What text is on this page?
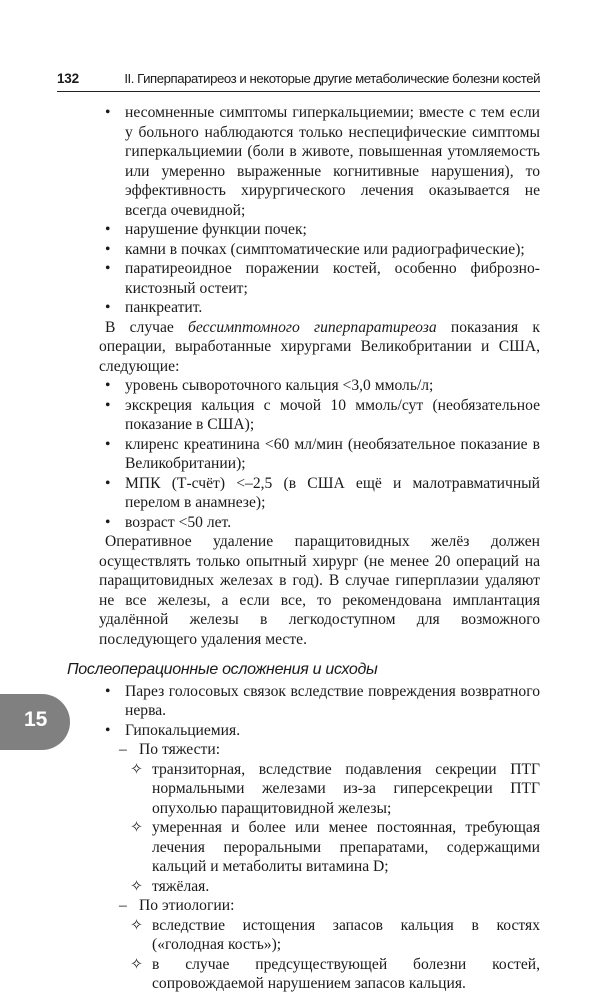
132	II. Гиперпаратиреоз и некоторые другие метаболические болезни костей
15

• несомненные симптомы гиперкальциемии; вместе с тем если у больного наблюдаются только неспецифические симптомы гиперкальциемии (боли в животе, повышенная утомляемость или умеренно выраженные когнитивные нарушения), то эффективность хирургического лечения оказывается не всегда очевидной;

• нарушение функции почек;

• камни в почках (симптоматические или радиографические);

• паратиреоидное поражении костей, особенно фиброзно-кистозный остеит;

• панкреатит.

В случае бессимптомного гиперпаратиреоза показания к операции, выработанные хирургами Великобритании и США, следующие:

• уровень сывороточного кальция <3,0 ммоль/л;

• экскреция кальция с мочой 10 ммоль/сут (необязательное показание в США);

• клиренс креатинина <60 мл/мин (необязательное показание в Великобритании);

• МПК (Т-счёт) <–2,5 (в США ещё и малотравматичный перелом в анамнезе);

• возраст <50 лет.

Оперативное удаление паращитовидных желёз должен осуществлять только опытный хирург (не менее 20 операций на паращитовидных железах в год). В случае гиперплазии удаляют не все железы, а если все, то рекомендована имплантация удалённой железы в легкодоступном для возможного последующего удаления месте.

Послеоперационные осложнения и исходы

• Парез голосовых связок вследствие повреждения возвратного нерва.

• Гипокальциемия.

– По тяжести:

✧ транзиторная, вследствие подавления секреции ПТГ нормальными железами из-за гиперсекреции ПТГ опухолью паращитовидной железы;

✧ умеренная и более или менее постоянная, требующая лечения пероральными препаратами, содержащими кальций и метаболиты витамина D;

✧ тяжёлая.

– По этиологии:

✧ вследствие истощения запасов кальция в костях («голодная кость»);

✧ в случае предсуществующей болезни костей, сопровождаемой нарушением запасов кальция.
